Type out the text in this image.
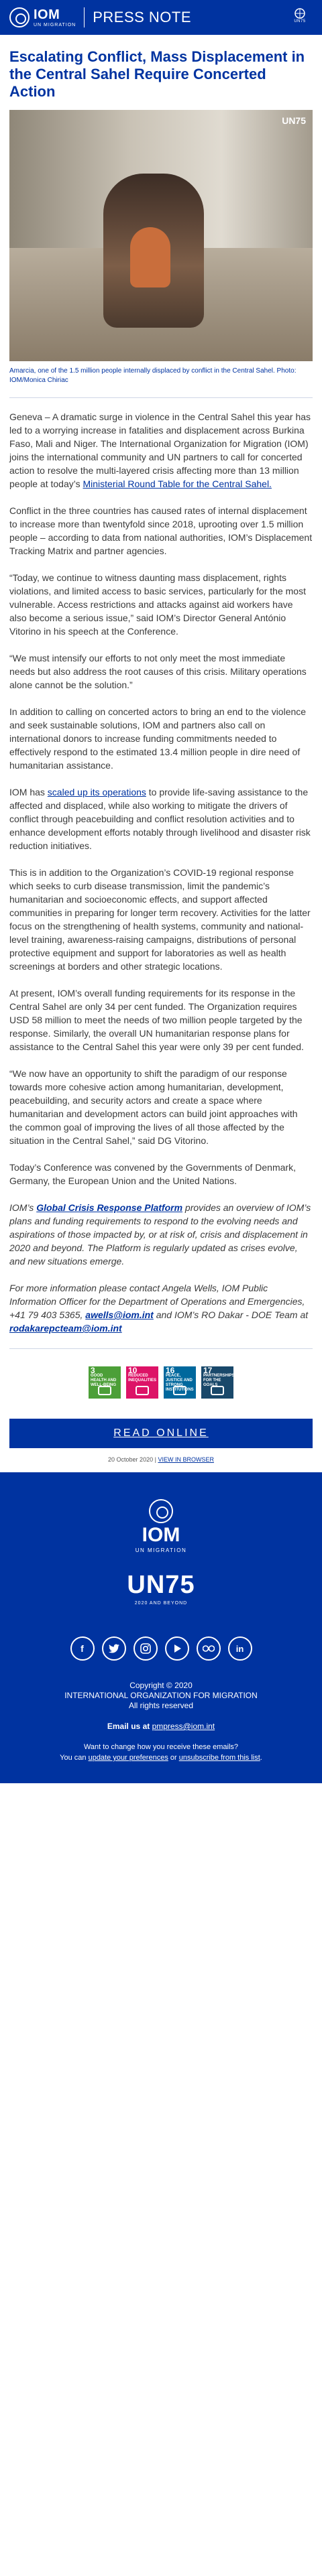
IOM
UN MIGRATION PRESS NOTE	UN75
Escalating Conflict, Mass Displacement in the Central Sahel Require Concerted Action
UN75

Amarcia, one of the 1.5 million people internally displaced by conflict in the Central Sahel. Photo: IOM/Monica Chiriac

Geneva – A dramatic surge in violence in the Central Sahel this year has led to a worrying increase in fatalities and displacement across Burkina Faso, Mali and Niger. The International Organization for Migration (IOM) joins the international community and UN partners to call for concerted action to resolve the multi-layered crisis affecting more than 13 million people at today’s Ministerial Round Table for the Central Sahel.

Conflict in the three countries has caused rates of internal displacement to increase more than twentyfold since 2018, uprooting over 1.5 million people – according to data from national authorities, IOM’s Displacement Tracking Matrix and partner agencies.

“Today, we continue to witness daunting mass displacement, rights violations, and limited access to basic services, particularly for the most vulnerable. Access restrictions and attacks against aid workers have also become a serious issue,” said IOM’s Director General António Vitorino in his speech at the Conference.

“We must intensify our efforts to not only meet the most immediate needs but also address the root causes of this crisis. Military operations alone cannot be the solution.”

In addition to calling on concerted actors to bring an end to the violence and seek sustainable solutions, IOM and partners also call on international donors to increase funding commitments needed to effectively respond to the estimated 13.4 million people in dire need of humanitarian assistance.

IOM has scaled up its operations to provide life-saving assistance to the affected and displaced, while also working to mitigate the drivers of conflict through peacebuilding and conflict resolution activities and to enhance development efforts notably through livelihood and disaster risk reduction initiatives.

This is in addition to the Organization’s COVID-19 regional response which seeks to curb disease transmission, limit the pandemic’s humanitarian and socioeconomic effects, and support affected communities in preparing for longer term recovery. Activities for the latter focus on the strengthening of health systems, community and national-level training, awareness-raising campaigns, distributions of personal protective equipment and support for laboratories as well as health screenings at borders and other strategic locations.

At present, IOM’s overall funding requirements for its response in the Central Sahel are only 34 per cent funded. The Organization requires USD 58 million to meet the needs of two million people targeted by the response. Similarly, the overall UN humanitarian response plans for assistance to the Central Sahel this year were only 39 per cent funded.

“We now have an opportunity to shift the paradigm of our response towards more cohesive action among humanitarian, development, peacebuilding, and security actors and create a space where humanitarian and development actors can build joint approaches with the common goal of improving the lives of all those affected by the situation in the Central Sahel,” said DG Vitorino.

Today’s Conference was convened by the Governments of Denmark, Germany, the European Union and the United Nations.

IOM’s Global Crisis Response Platform provides an overview of IOM’s plans and funding requirements to respond to the evolving needs and aspirations of those impacted by, or at risk of, crisis and displacement in 2020 and beyond. The Platform is regularly updated as crises evolve, and new situations emerge.

For more information please contact Angela Wells, IOM Public Information Officer for the Department of Operations and Emergencies, +41 79 403 5365, awells@iom.int and IOM’s RO Dakar - DOE Team at rodakarepcteam@iom.int

3
GOOD HEALTH AND WELL-BEING
10
REDUCED INEQUALITIES
16
PEACE, JUSTICE AND STRONG INSTITUTIONS
17
PARTNERSHIPS FOR THE GOALS
READ ONLINE
20 October 2020 | VIEW IN BROWSER
IOM
UN MIGRATION
UN75
2020 AND BEYOND
f	in
Copyright © 2020
INTERNATIONAL ORGANIZATION FOR MIGRATION
All rights reserved
Email us at pmpress@iom.int
Want to change how you receive these emails?
You can update your preferences or unsubscribe from this list.
